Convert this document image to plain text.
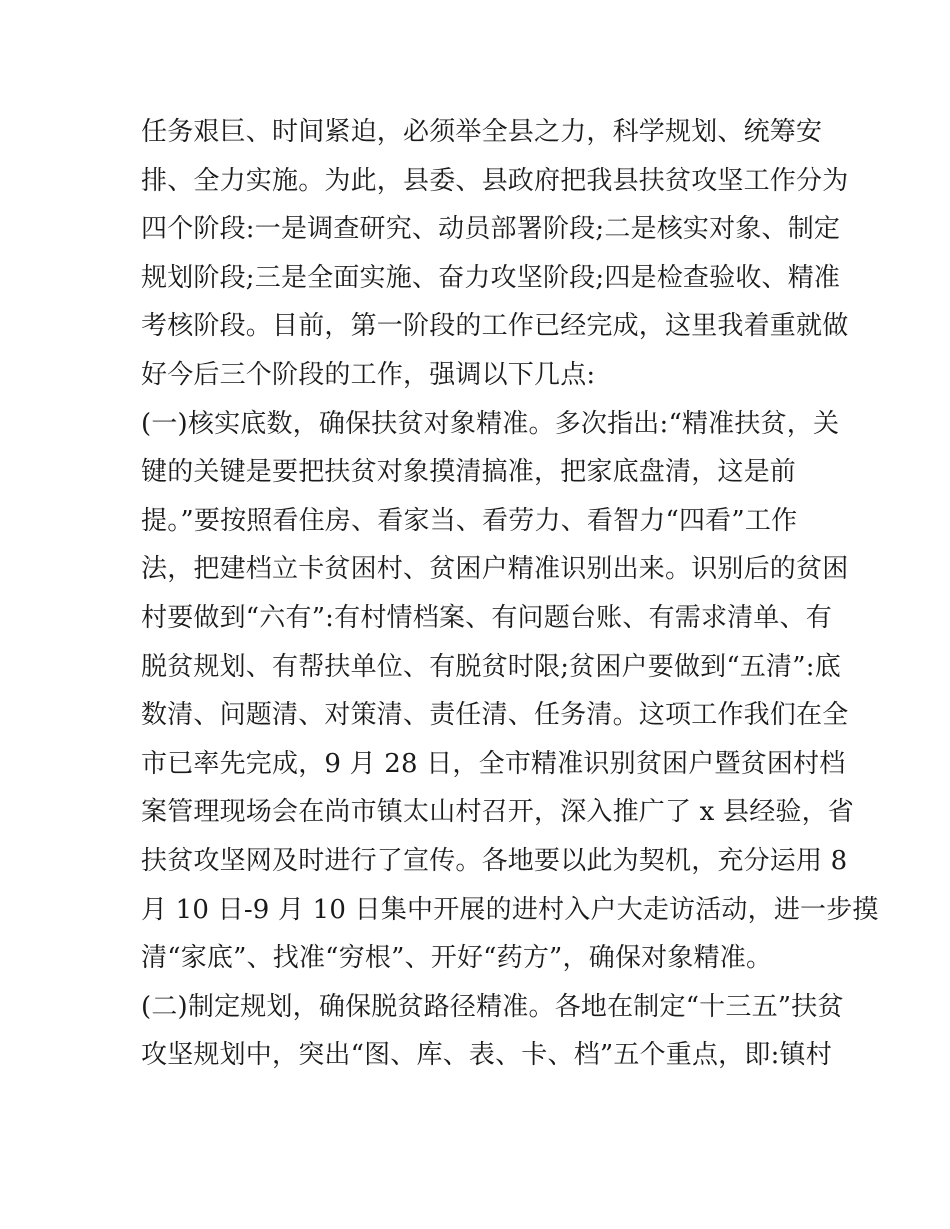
任务艰巨、时间紧迫，必须举全县之力，科学规划、统筹安
排、全力实施。为此，县委、县政府把我县扶贫攻坚工作分为
四个阶段:一是调查研究、动员部署阶段;二是核实对象、制定
规划阶段;三是全面实施、奋力攻坚阶段;四是检查验收、精准
考核阶段。目前，第一阶段的工作已经完成，这里我着重就做
好今后三个阶段的工作，强调以下几点:
(一)核实底数，确保扶贫对象精准。多次指出:“精准扶贫，关
键的关键是要把扶贫对象摸清搞准，把家底盘清，这是前
提。”要按照看住房、看家当、看劳力、看智力“四看”工作
法，把建档立卡贫困村、贫困户精准识别出来。识别后的贫困
村要做到“六有”:有村情档案、有问题台账、有需求清单、有
脱贫规划、有帮扶单位、有脱贫时限;贫困户要做到“五清”:底
数清、问题清、对策清、责任清、任务清。这项工作我们在全
市已率先完成，9 月 28 日，全市精准识别贫困户暨贫困村档
案管理现场会在尚市镇太山村召开，深入推广了 x 县经验，省
扶贫攻坚网及时进行了宣传。各地要以此为契机，充分运用 8
月 10 日-9 月 10 日集中开展的进村入户大走访活动，进一步摸
清“家底”、找准“穷根”、开好“药方”，确保对象精准。
(二)制定规划，确保脱贫路径精准。各地在制定“十三五”扶贫
攻坚规划中，突出“图、库、表、卡、档”五个重点，即:镇村
